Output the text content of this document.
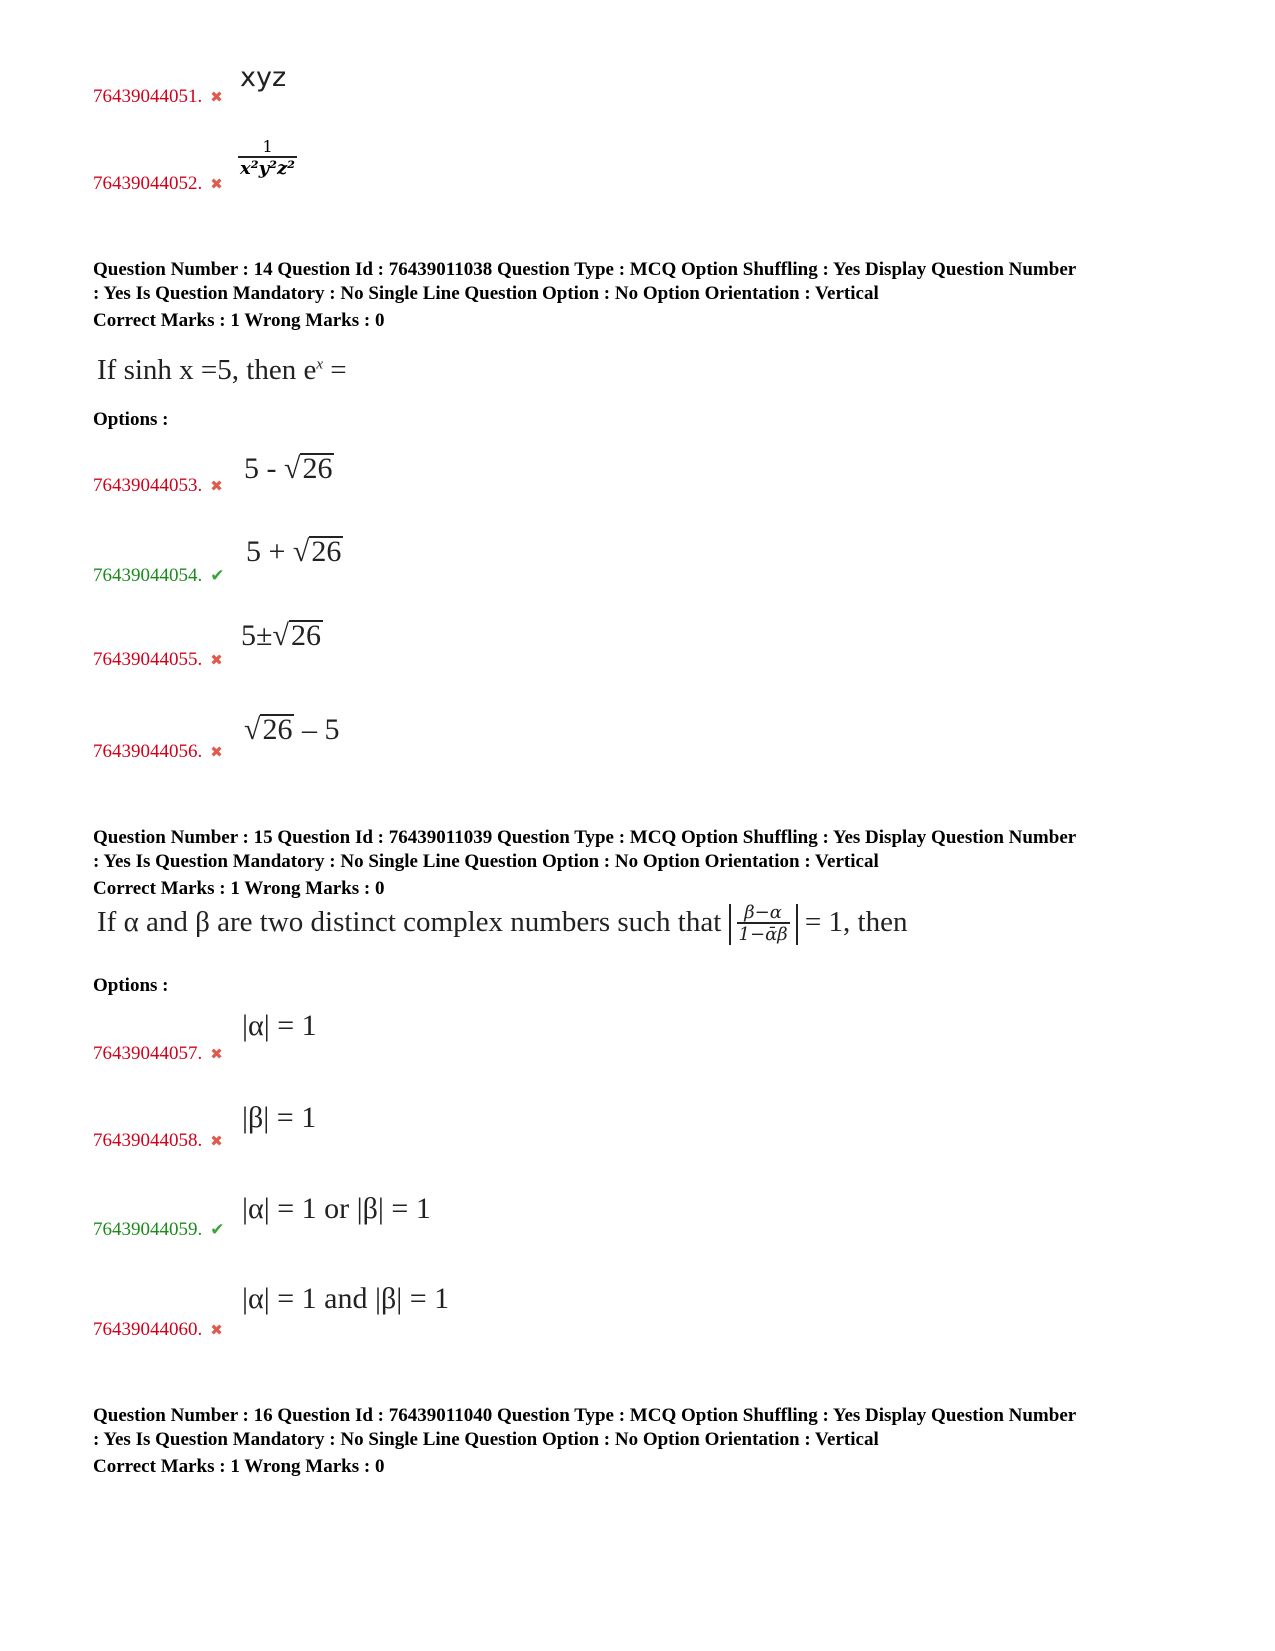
xyz
76439044051. ✖
$\frac{1}{\text{x²y²z²}}$
76439044052. ✖
Question Number : 14 Question Id : 76439011038 Question Type : MCQ Option Shuffling : Yes Display Question Number
: Yes Is Question Mandatory : No Single Line Question Option : No Option Orientation : Vertical
Correct Marks : 1 Wrong Marks : 0
If sinh x =5, then $e^x$ =
Options :
5 - √26
76439044053. ✖
5 + √26
76439044054. ✔
5±√26
76439044055. ✖
√26 – 5
76439044056. ✖
Question Number : 15 Question Id : 76439011039 Question Type : MCQ Option Shuffling : Yes Display Question Number
: Yes Is Question Mandatory : No Single Line Question Option : No Option Orientation : Vertical
Correct Marks : 1 Wrong Marks : 0
If α and β are two distinct complex numbers such that $\frac{\beta-\alpha}{\text{1−ᾱβ}} = 1$, then
Options :
|α| = 1
76439044057. ✖
|β| = 1
76439044058. ✖
|α| = 1 or |β| = 1
76439044059. ✔
|α| = 1 and |β| = 1
76439044060. ✖
Question Number : 16 Question Id : 76439011040 Question Type : MCQ Option Shuffling : Yes Display Question Number
: Yes Is Question Mandatory : No Single Line Question Option : No Option Orientation : Vertical
Correct Marks : 1 Wrong Marks : 0
